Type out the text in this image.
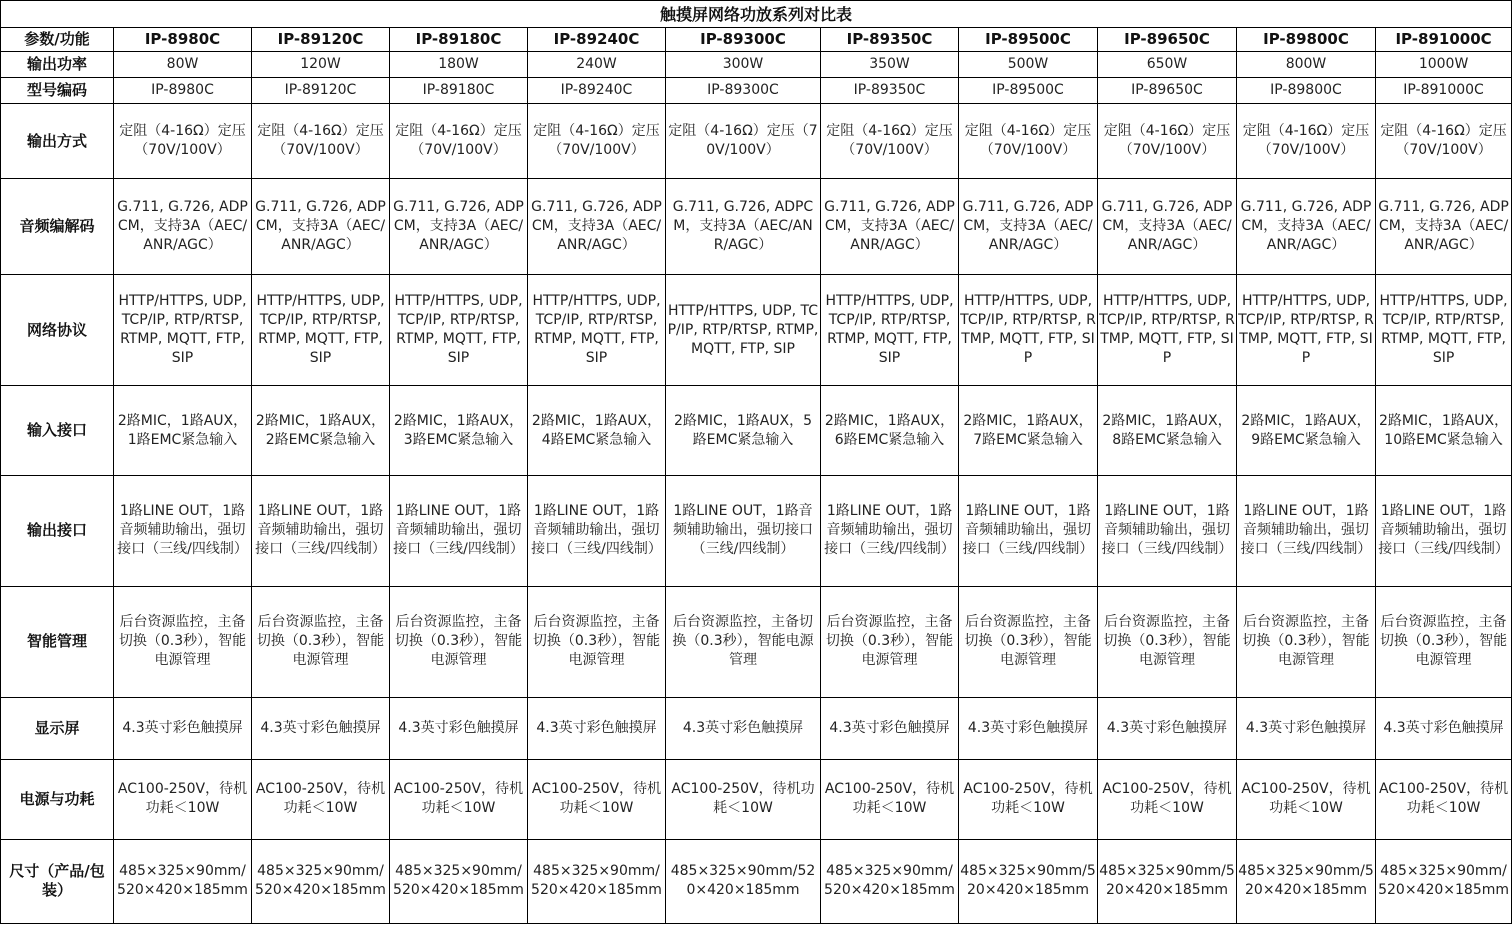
触摸屏网络功放系列对比表										
参数/功能	IP-8980C	IP-89120C	IP-89180C	IP-89240C	IP-89300C	IP-89350C	IP-89500C	IP-89650C	IP-89800C	IP-891000C
输出功率	80W	120W	180W	240W	300W	350W	500W	650W	800W	1000W
型号编码	IP-8980C	IP-89120C	IP-89180C	IP-89240C	IP-89300C	IP-89350C	IP-89500C	IP-89650C	IP-89800C	IP-891000C
输出方式	定阻（4-16Ω）定压（70V/100V）	定阻（4-16Ω）定压（70V/100V）	定阻（4-16Ω）定压（70V/100V）	定阻（4-16Ω）定压（70V/100V）	定阻（4-16Ω）定压（70V/100V）	定阻（4-16Ω）定压（70V/100V）	定阻（4-16Ω）定压（70V/100V）	定阻（4-16Ω）定压（70V/100V）	定阻（4-16Ω）定压（70V/100V）	定阻（4-16Ω）定压（70V/100V）
音频编解码	G.711, G.726, ADPCM，支持3A（AEC/ANR/AGC）	G.711, G.726, ADPCM，支持3A（AEC/ANR/AGC）	G.711, G.726, ADPCM，支持3A（AEC/ANR/AGC）	G.711, G.726, ADPCM，支持3A（AEC/ANR/AGC）	G.711, G.726, ADPCM，支持3A（AEC/ANR/AGC）	G.711, G.726, ADPCM，支持3A（AEC/ANR/AGC）	G.711, G.726, ADPCM，支持3A（AEC/ANR/AGC）	G.711, G.726, ADPCM，支持3A（AEC/ANR/AGC）	G.711, G.726, ADPCM，支持3A（AEC/ANR/AGC）	G.711, G.726, ADPCM，支持3A（AEC/ANR/AGC）
网络协议	HTTP/HTTPS, UDP, TCP/IP, RTP/RTSP, RTMP, MQTT, FTP, SIP	HTTP/HTTPS, UDP, TCP/IP, RTP/RTSP, RTMP, MQTT, FTP, SIP	HTTP/HTTPS, UDP, TCP/IP, RTP/RTSP, RTMP, MQTT, FTP, SIP	HTTP/HTTPS, UDP, TCP/IP, RTP/RTSP, RTMP, MQTT, FTP, SIP	HTTP/HTTPS, UDP, TCP/IP, RTP/RTSP, RTMP, MQTT, FTP, SIP	HTTP/HTTPS, UDP, TCP/IP, RTP/RTSP, RTMP, MQTT, FTP, SIP	HTTP/HTTPS, UDP, TCP/IP, RTP/RTSP, RTMP, MQTT, FTP, SIP	HTTP/HTTPS, UDP, TCP/IP, RTP/RTSP, RTMP, MQTT, FTP, SIP	HTTP/HTTPS, UDP, TCP/IP, RTP/RTSP, RTMP, MQTT, FTP, SIP	HTTP/HTTPS, UDP, TCP/IP, RTP/RTSP, RTMP, MQTT, FTP, SIP
输入接口	2路MIC，1路AUX，1路EMC紧急输入	2路MIC，1路AUX，2路EMC紧急输入	2路MIC，1路AUX，3路EMC紧急输入	2路MIC，1路AUX，4路EMC紧急输入	2路MIC，1路AUX，5路EMC紧急输入	2路MIC，1路AUX，6路EMC紧急输入	2路MIC，1路AUX，7路EMC紧急输入	2路MIC，1路AUX，8路EMC紧急输入	2路MIC，1路AUX，9路EMC紧急输入	2路MIC，1路AUX，10路EMC紧急输入
输出接口	1路LINE OUT，1路音频辅助输出，强切接口（三线/四线制）	1路LINE OUT，1路音频辅助输出，强切接口（三线/四线制）	1路LINE OUT，1路音频辅助输出，强切接口（三线/四线制）	1路LINE OUT，1路音频辅助输出，强切接口（三线/四线制）	1路LINE OUT，1路音频辅助输出，强切接口（三线/四线制）	1路LINE OUT，1路音频辅助输出，强切接口（三线/四线制）	1路LINE OUT，1路音频辅助输出，强切接口（三线/四线制）	1路LINE OUT，1路音频辅助输出，强切接口（三线/四线制）	1路LINE OUT，1路音频辅助输出，强切接口（三线/四线制）	1路LINE OUT，1路音频辅助输出，强切接口（三线/四线制）
智能管理	后台资源监控，主备切换（0.3秒），智能电源管理	后台资源监控，主备切换（0.3秒），智能电源管理	后台资源监控，主备切换（0.3秒），智能电源管理	后台资源监控，主备切换（0.3秒），智能电源管理	后台资源监控，主备切换（0.3秒），智能电源管理	后台资源监控，主备切换（0.3秒），智能电源管理	后台资源监控，主备切换（0.3秒），智能电源管理	后台资源监控，主备切换（0.3秒），智能电源管理	后台资源监控，主备切换（0.3秒），智能电源管理	后台资源监控，主备切换（0.3秒），智能电源管理
显示屏	4.3英寸彩色触摸屏	4.3英寸彩色触摸屏	4.3英寸彩色触摸屏	4.3英寸彩色触摸屏	4.3英寸彩色触摸屏	4.3英寸彩色触摸屏	4.3英寸彩色触摸屏	4.3英寸彩色触摸屏	4.3英寸彩色触摸屏	4.3英寸彩色触摸屏
电源与功耗	AC100-250V，待机功耗＜10W	AC100-250V，待机功耗＜10W	AC100-250V，待机功耗＜10W	AC100-250V，待机功耗＜10W	AC100-250V，待机功耗＜10W	AC100-250V，待机功耗＜10W	AC100-250V，待机功耗＜10W	AC100-250V，待机功耗＜10W	AC100-250V，待机功耗＜10W	AC100-250V，待机功耗＜10W
尺寸（产品/包装）	485×325×90mm/520×420×185mm	485×325×90mm/520×420×185mm	485×325×90mm/520×420×185mm	485×325×90mm/520×420×185mm	485×325×90mm/520×420×185mm	485×325×90mm/520×420×185mm	485×325×90mm/520×420×185mm	485×325×90mm/520×420×185mm	485×325×90mm/520×420×185mm	485×325×90mm/520×420×185mm
